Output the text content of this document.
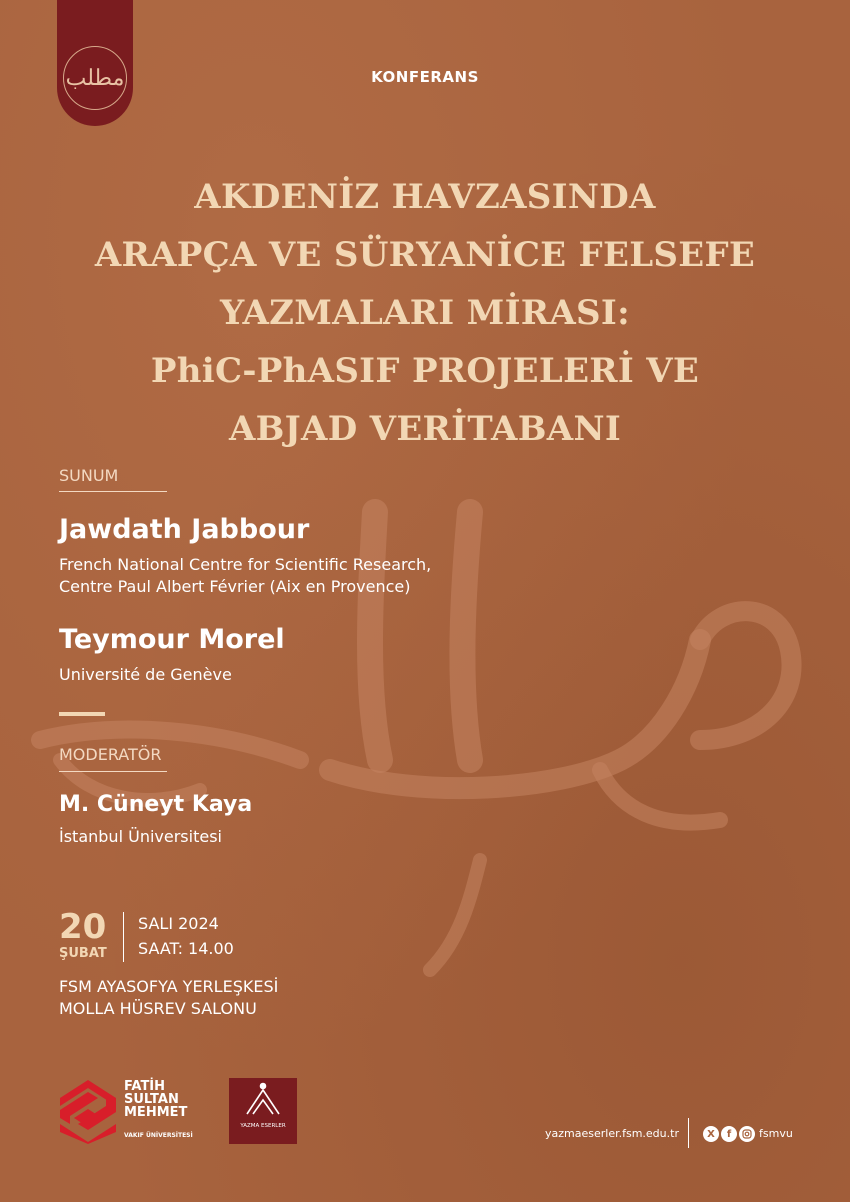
مطلب	KONFERANS
AKDENİZ HAVZASINDA
ARAPÇA VE SÜRYANİCE FELSEFE
YAZMALARI MİRASI:
PhiC-PhASIF PROJELERİ VE
ABJAD VERİTABANI
SUNUM
Jawdath Jabbour
French National Centre for Scientific Research,
Centre Paul Albert Février (Aix en Provence)
Teymour Morel
Université de Genève
MODERATÖR
M. Cüneyt Kaya
İstanbul Üniversitesi
20
ŞUBAT
SALI 2024
SAAT: 14.00
FSM AYASOFYA YERLEŞKESİ
MOLLA HÜSREV SALONU
FATİH
SULTAN
MEHMET
VAKIF ÜNİVERSİTESİ
YAZMA ESERLER
yazmaeserler.fsm.edu.tr	X	f	fsmvu
